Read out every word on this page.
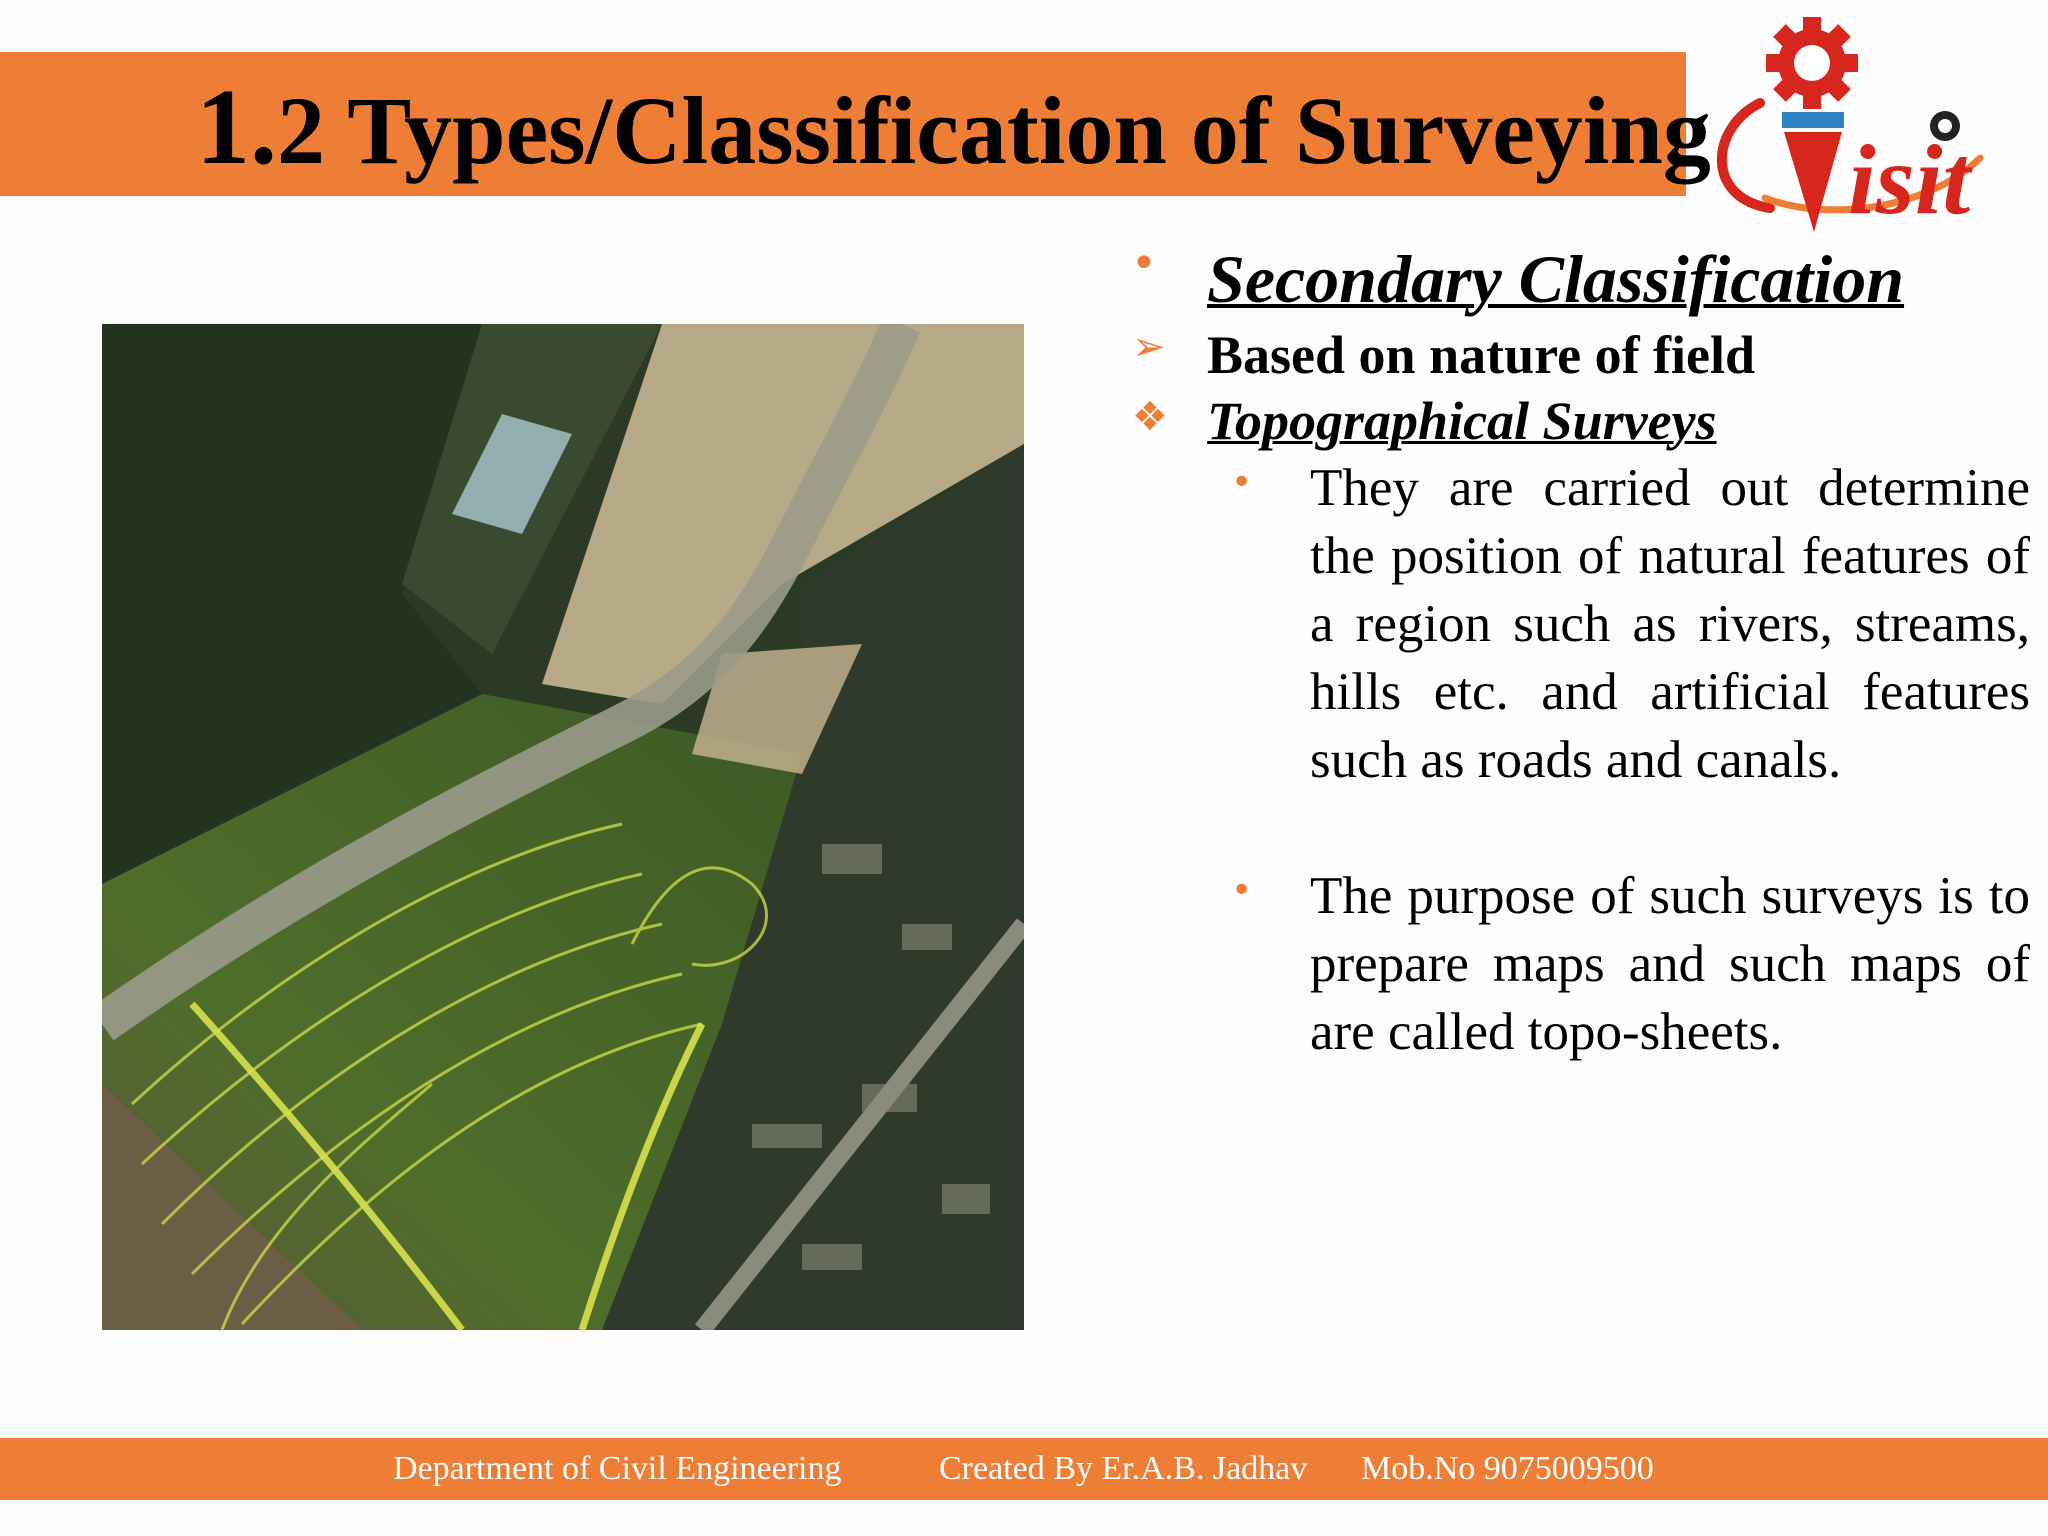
1.2 Types/Classification of Surveying isit
• Secondary Classification
➢ Based on nature of field
❖ Topographical Surveys
• They are carried out determine the position of natural features of a region such as rivers, streams, hills etc. and artificial features such as roads and canals.
• The purpose of such surveys is to prepare maps and such maps of are called topo-sheets.
Department of Civil Engineering	Created By Er.A.B. Jadhav Mob.No 9075009500
